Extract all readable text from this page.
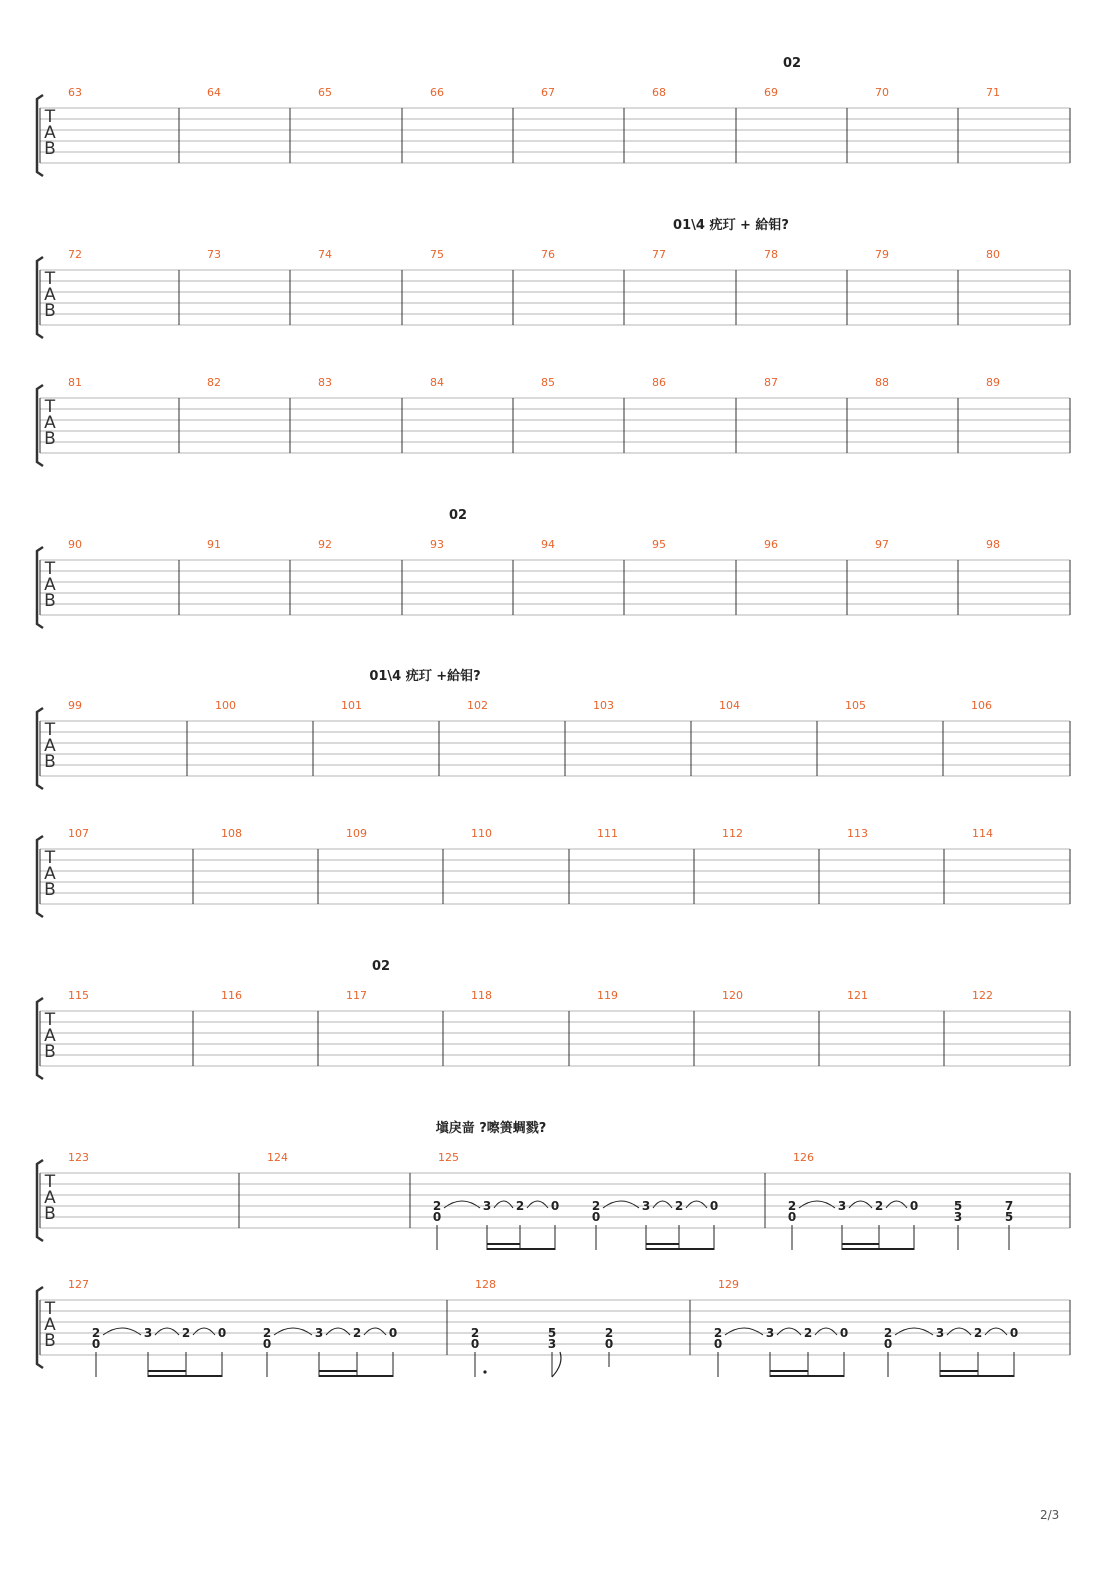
T
A
B
63	64	65	66	67	68	69	70	71
02
T
A
B
72	73	74	75	76	77	78	79	80
01\4 疣玎 + 給钼?
T
A
B
81	82	83	84	85	86	87	88	89
T
A
B
90	91	92	93	94	95	96	97	98
02
T
A
B
99	100	101	102	103	104	105	106
01\4 疣玎 +給钼?
T
A
B
107	108	109	110	111	112	113	114
T
A
B
115	116	117	118	119	120	121	122
02
T
A
B
123	124	125	126
塡戾啬 ?嚓箦蜩戮?
T
A
B
127	128	129
2
0
3 2 0	2
0
3 2 0	2
0
3 2 0	5
3
7
5
2
0
3 2 0	2
0
3 2 0	2
0
5
3
2
0
2
0
3 2 0	2
0
3 2 0
2/3
